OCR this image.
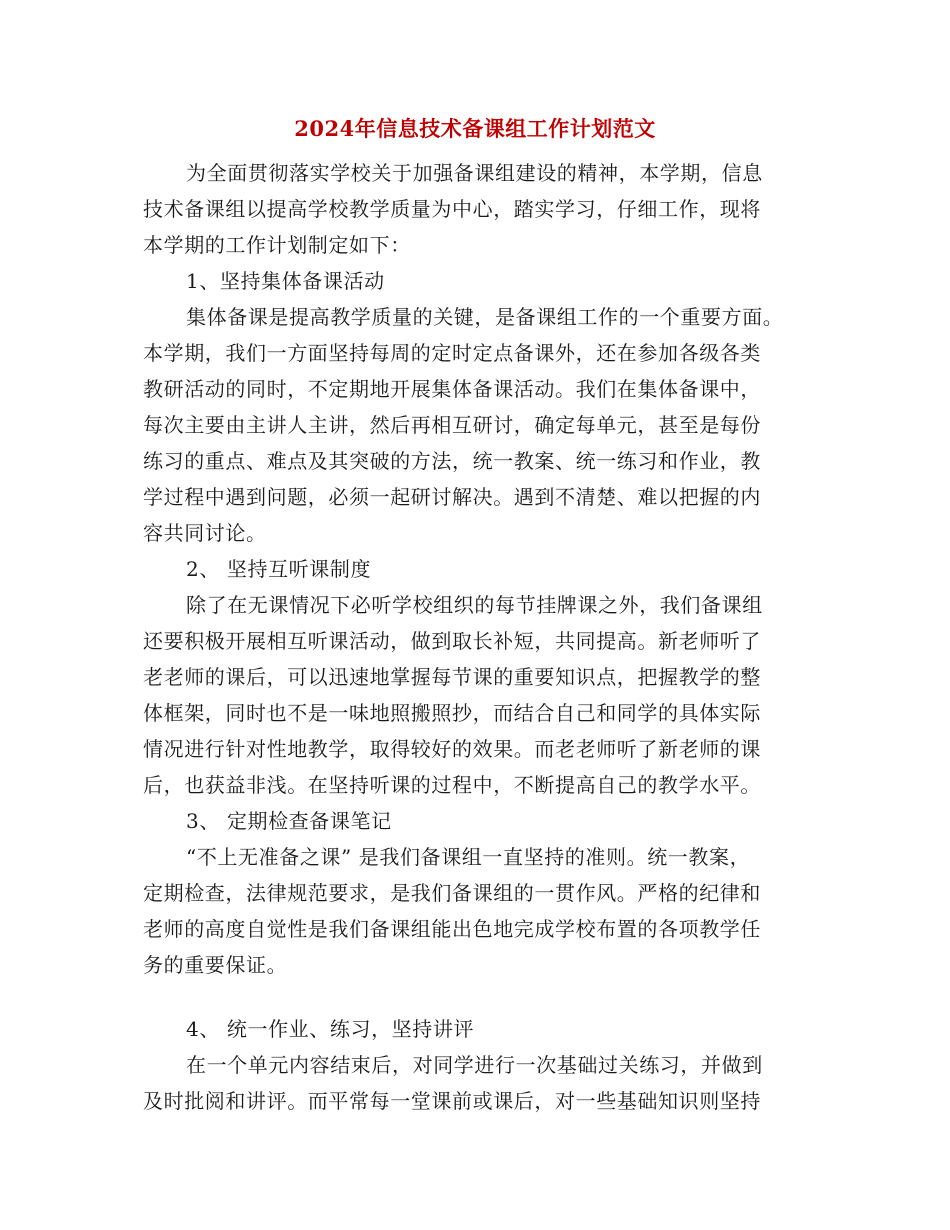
2024年信息技术备课组工作计划范文
为全面贯彻落实学校关于加强备课组建设的精神，本学期，信息
技术备课组以提高学校教学质量为中心，踏实学习，仔细工作，现将
本学期的工作计划制定如下：
1、坚持集体备课活动
集体备课是提高教学质量的关键，是备课组工作的一个重要方面。
本学期，我们一方面坚持每周的定时定点备课外，还在参加各级各类
教研活动的同时，不定期地开展集体备课活动。我们在集体备课中，
每次主要由主讲人主讲，然后再相互研讨，确定每单元，甚至是每份
练习的重点、难点及其突破的方法，统一教案、统一练习和作业，教
学过程中遇到问题，必须一起研讨解决。遇到不清楚、难以把握的内
容共同讨论。
2、 坚持互听课制度
除了在无课情况下必听学校组织的每节挂牌课之外，我们备课组
还要积极开展相互听课活动，做到取长补短，共同提高。新老师听了
老老师的课后，可以迅速地掌握每节课的重要知识点，把握教学的整
体框架，同时也不是一味地照搬照抄，而结合自己和同学的具体实际
情况进行针对性地教学，取得较好的效果。而老老师听了新老师的课
后，也获益非浅。在坚持听课的过程中，不断提高自己的教学水平。
3、 定期检查备课笔记
“不上无准备之课” 是我们备课组一直坚持的准则。统一教案，
定期检查，法律规范要求，是我们备课组的一贯作风。严格的纪律和
老师的高度自觉性是我们备课组能出色地完成学校布置的各项教学任
务的重要保证。
4、 统一作业、练习，坚持讲评
在一个单元内容结束后，对同学进行一次基础过关练习，并做到
及时批阅和讲评。而平常每一堂课前或课后，对一些基础知识则坚持
